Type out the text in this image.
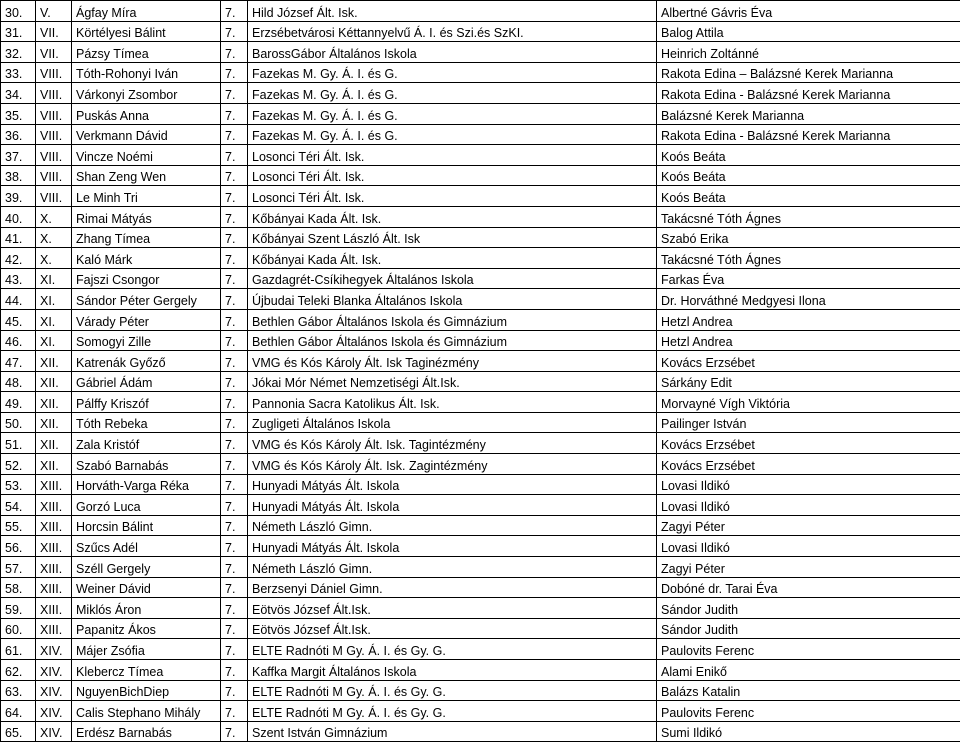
30.	V.	Ágfay Míra	7.	Hild József Ált. Isk.	Albertné Gávris Éva
31.	VII.	Körtélyesi Bálint	7.	Erzsébetvárosi Kéttannyelvű Á. I. és Szi.és SzKI.	Balog Attila
32.	VII.	Pázsy Tímea	7.	BarossGábor Általános Iskola	Heinrich Zoltánné
33.	VIII.	Tóth-Rohonyi Iván	7.	Fazekas M. Gy. Á. I. és G.	Rakota Edina – Balázsné Kerek Marianna
34.	VIII.	Várkonyi Zsombor	7.	Fazekas M. Gy. Á. I. és G.	Rakota Edina - Balázsné Kerek Marianna
35.	VIII.	Puskás Anna	7.	Fazekas M. Gy. Á. I. és G.	Balázsné Kerek Marianna
36.	VIII.	Verkmann Dávid	7.	Fazekas M. Gy. Á. I. és G.	Rakota Edina - Balázsné Kerek Marianna
37.	VIII.	Vincze Noémi	7.	Losonci Téri Ált. Isk.	Koós Beáta
38.	VIII.	Shan Zeng Wen	7.	Losonci Téri Ált. Isk.	Koós Beáta
39.	VIII.	Le Minh Tri	7.	Losonci Téri Ált. Isk.	Koós Beáta
40.	X.	Rimai Mátyás	7.	Kőbányai Kada Ált. Isk.	Takácsné Tóth Ágnes
41.	X.	Zhang Tímea	7.	Kőbányai Szent László Ált. Isk	Szabó Erika
42.	X.	Kaló Márk	7.	Kőbányai Kada Ált. Isk.	Takácsné Tóth Ágnes
43.	XI.	Fajszi Csongor	7.	Gazdagrét-Csíkihegyek Általános Iskola	Farkas Éva
44.	XI.	Sándor Péter Gergely	7.	Újbudai Teleki Blanka Általános Iskola	Dr. Horváthné Medgyesi Ilona
45.	XI.	Várady Péter	7.	Bethlen Gábor Általános Iskola és Gimnázium	Hetzl Andrea
46.	XI.	Somogyi Zille	7.	Bethlen Gábor Általános Iskola és Gimnázium	Hetzl Andrea
47.	XII.	Katrenák Győző	7.	VMG és Kós Károly Ált. Isk Taginézmény	Kovács Erzsébet
48.	XII.	Gábriel Ádám	7.	Jókai Mór Német Nemzetiségi Ált.Isk.	Sárkány Edit
49.	XII.	Pálffy Kriszóf	7.	Pannonia Sacra Katolikus Ált. Isk.	Morvayné Vígh Viktória
50.	XII.	Tóth Rebeka	7.	Zugligeti Általános Iskola	Pailinger István
51.	XII.	Zala Kristóf	7.	VMG és Kós Károly Ált. Isk. Tagintézmény	Kovács Erzsébet
52.	XII.	Szabó Barnabás	7.	VMG és Kós Károly Ált. Isk. Zagintézmény	Kovács Erzsébet
53.	XIII.	Horváth-Varga Réka	7.	Hunyadi Mátyás Ált. Iskola	Lovasi Ildikó
54.	XIII.	Gorzó Luca	7.	Hunyadi Mátyás Ált. Iskola	Lovasi Ildikó
55.	XIII.	Horcsin Bálint	7.	Németh László Gimn.	Zagyi Péter
56.	XIII.	Szűcs Adél	7.	Hunyadi Mátyás Ált. Iskola	Lovasi Ildikó
57.	XIII.	Széll Gergely	7.	Németh László Gimn.	Zagyi Péter
58.	XIII.	Weiner Dávid	7.	Berzsenyi Dániel Gimn.	Dobóné dr. Tarai Éva
59.	XIII.	Miklós Áron	7.	Eötvös József Ált.Isk.	Sándor Judith
60.	XIII.	Papanitz Ákos	7.	Eötvös József Ált.Isk.	Sándor Judith
61.	XIV.	Májer Zsófia	7.	ELTE Radnóti M Gy. Á. I. és Gy. G.	Paulovits Ferenc
62.	XIV.	Klebercz Tímea	7.	Kaffka Margit Általános Iskola	Alami Enikő
63.	XIV.	NguyenBichDiep	7.	ELTE Radnóti M Gy. Á. I. és Gy. G.	Balázs Katalin
64.	XIV.	Calis Stephano Mihály	7.	ELTE Radnóti M Gy. Á. I. és Gy. G.	Paulovits Ferenc
65.	XIV.	Erdész Barnabás	7.	Szent István Gimnázium	Sumi Ildikó
